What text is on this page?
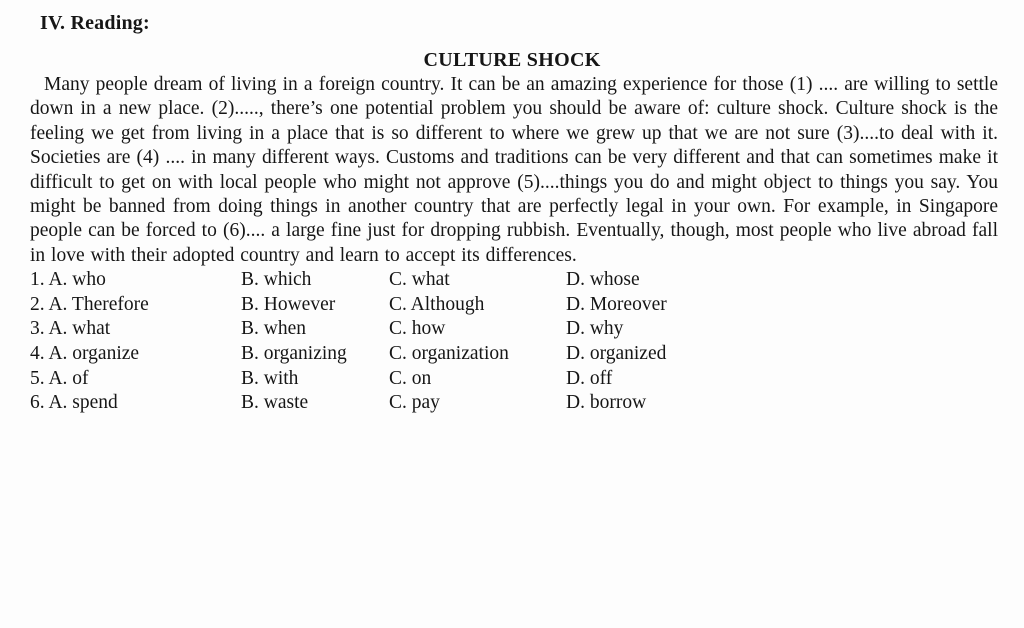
IV. Reading:
CULTURE SHOCK
Many people dream of living in a foreign country. It can be an amazing experience for those (1) .... are willing to settle down in a new place. (2)....., there’s one potential problem you should be aware of: culture shock. Culture shock is the feeling we get from living in a place that is so different to where we grew up that we are not sure (3)....to deal with it. Societies are (4) .... in many different ways. Customs and traditions can be very different and that can sometimes make it difficult to get on with local people who might not approve (5)....things you do and might object to things you say. You might be banned from doing things in another country that are perfectly legal in your own. For example, in Singapore people can be forced to (6).... a large fine just for dropping rubbish. Eventually, though, most people who live abroad fall in love with their adopted country and learn to accept its differences.
1. A. who	B. which	C. what	D. whose
2. A. Therefore	B. However	C. Although	D. Moreover
3. A. what	B. when	C. how	D. why
4. A. organize	B. organizing	C. organization	D. organized
5. A. of	B. with	C. on	D. off
6. A. spend	B. waste	C. pay	D. borrow
